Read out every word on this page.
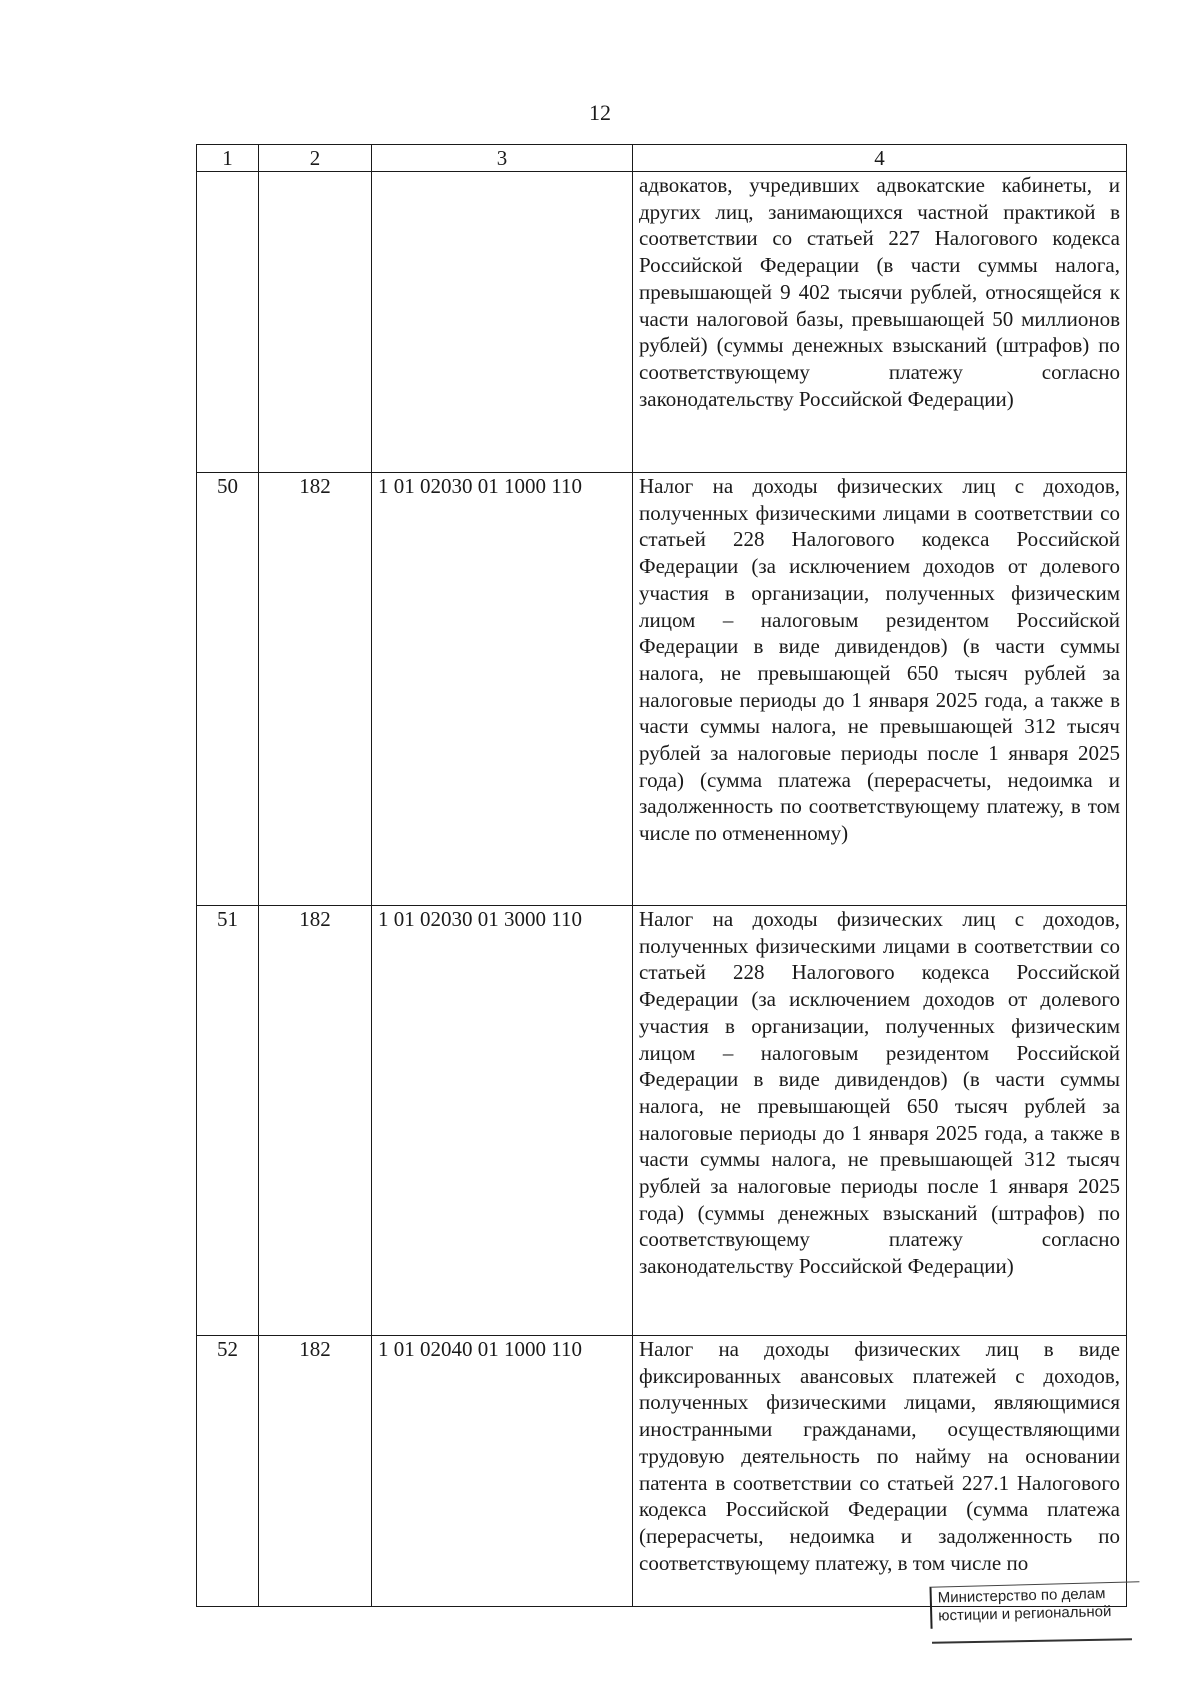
12
1	2	3	4
			адвокатов, учредивших адвокатские кабинеты, и других лиц, занимающихся частной практикой в соответствии со статьей 227 Налогового кодекса Российской Федерации (в части суммы налога, превышающей 9 402 тысячи рублей, относящейся к части налоговой базы, превышающей 50 миллионов рублей) (суммы денежных взысканий (штрафов) по соответствующему платежу согласно законодательству Российской Федерации)
50	182	1 01 02030 01 1000 110	Налог на доходы физических лиц с доходов, полученных физическими лицами в соответствии со статьей 228 Налогового кодекса Российской Федерации (за исключением доходов от долевого участия в организации, полученных физическим лицом – налоговым резидентом Российской Федерации в виде дивидендов) (в части суммы налога, не превышающей 650 тысяч рублей за налоговые периоды до 1 января 2025 года, а также в части суммы налога, не превышающей 312 тысяч рублей за налоговые периоды после 1 января 2025 года) (сумма платежа (перерасчеты, недоимка и задолженность по соответствующему платежу, в том числе по отмененному)
51	182	1 01 02030 01 3000 110	Налог на доходы физических лиц с доходов, полученных физическими лицами в соответствии со статьей 228 Налогового кодекса Российской Федерации (за исключением доходов от долевого участия в организации, полученных физическим лицом – налоговым резидентом Российской Федерации в виде дивидендов) (в части суммы налога, не превышающей 650 тысяч рублей за налоговые периоды до 1 января 2025 года, а также в части суммы налога, не превышающей 312 тысяч рублей за налоговые периоды после 1 января 2025 года) (суммы денежных взысканий (штрафов) по соответствующему платежу согласно законодательству Российской Федерации)
52	182	1 01 02040 01 1000 110	Налог на доходы физических лиц в виде фиксированных авансовых платежей с доходов, полученных физическими лицами, являющимися иностранными гражданами, осуществляющими трудовую деятельность по найму на основании патента в соответствии со статьей 227.1 Налогового кодекса Российской Федерации (сумма платежа (перерасчеты, недоимка и задолженность по соответствующему платежу, в том числе по
Министерство по делам
юстиции и региональной
